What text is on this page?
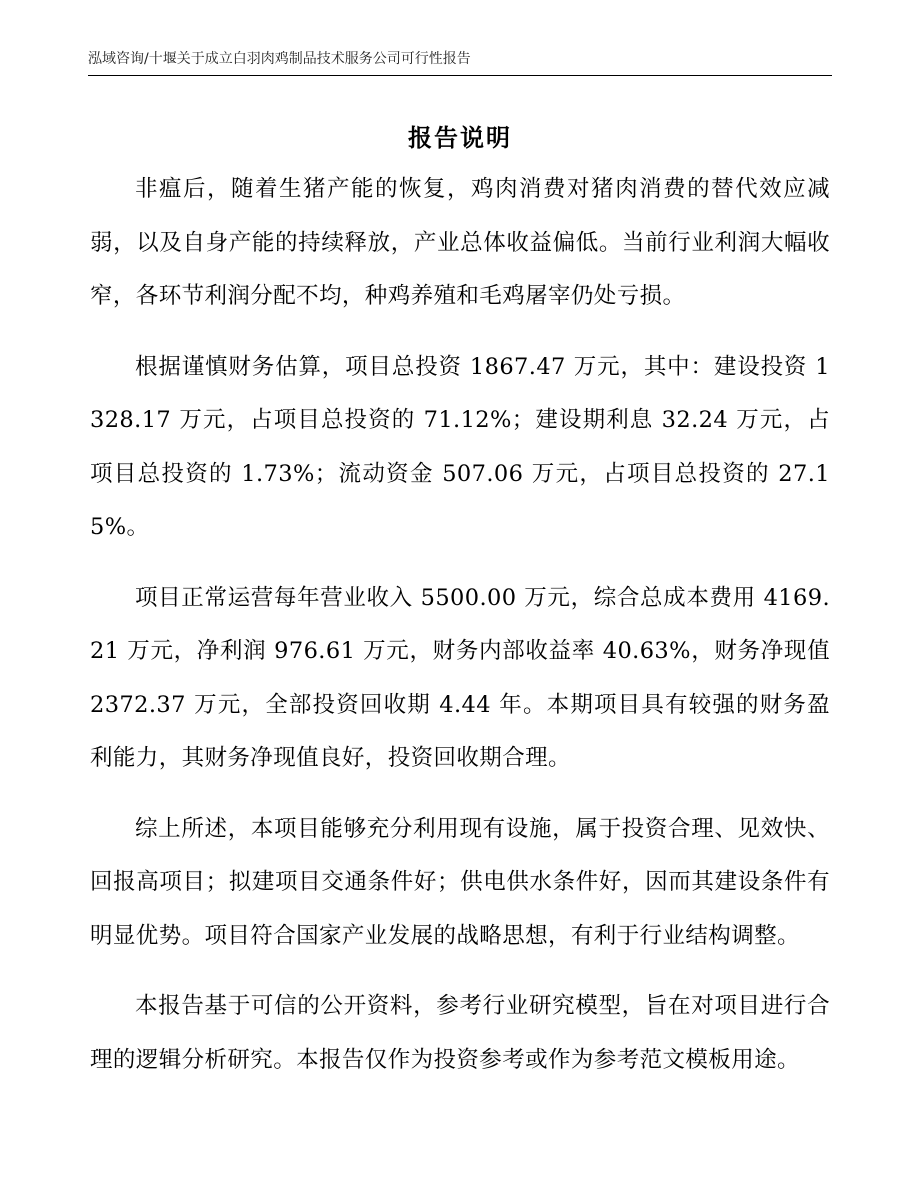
泓域咨询/十堰关于成立白羽肉鸡制品技术服务公司可行性报告
报告说明

非瘟后，随着生猪产能的恢复，鸡肉消费对猪肉消费的替代效应减弱，以及自身产能的持续释放，产业总体收益偏低。当前行业利润大幅收窄，各环节利润分配不均，种鸡养殖和毛鸡屠宰仍处亏损。

根据谨慎财务估算，项目总投资 1867.47 万元，其中：建设投资 1328.17 万元，占项目总投资的 71.12%；建设期利息 32.24 万元，占项目总投资的 1.73%；流动资金 507.06 万元，占项目总投资的 27.15%。

项目正常运营每年营业收入 5500.00 万元，综合总成本费用 4169.21 万元，净利润 976.61 万元，财务内部收益率 40.63%，财务净现值 2372.37 万元，全部投资回收期 4.44 年。本期项目具有较强的财务盈利能力，其财务净现值良好，投资回收期合理。

综上所述，本项目能够充分利用现有设施，属于投资合理、见效快、回报高项目；拟建项目交通条件好；供电供水条件好，因而其建设条件有明显优势。项目符合国家产业发展的战略思想，有利于行业结构调整。

本报告基于可信的公开资料，参考行业研究模型，旨在对项目进行合理的逻辑分析研究。本报告仅作为投资参考或作为参考范文模板用途。
